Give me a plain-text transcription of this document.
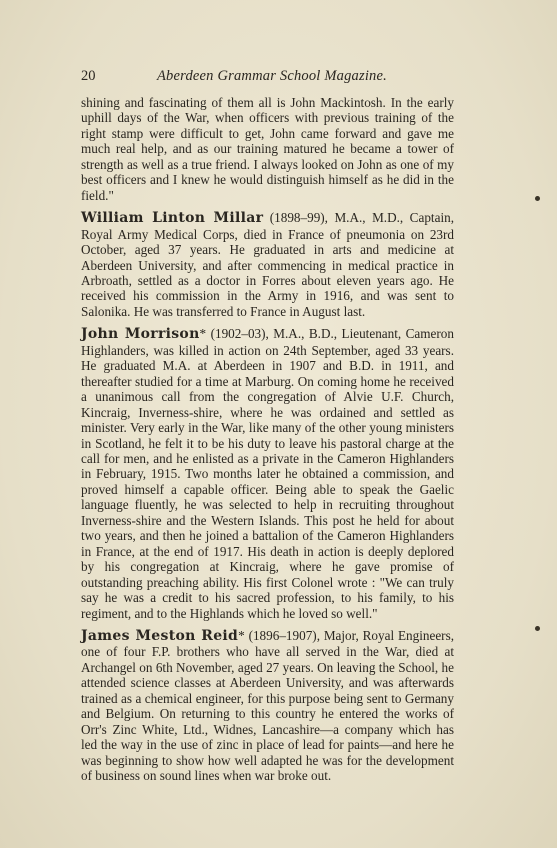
20	Aberdeen Grammar School Magazine.

shining and fascinating of them all is John Mackintosh. In the early uphill days of the War, when officers with previous training of the right stamp were difficult to get, John came forward and gave me much real help, and as our training matured he became a tower of strength as well as a true friend. I always looked on John as one of my best officers and I knew he would distinguish himself as he did in the field."

William Linton Millar (1898–99), M.A., M.D., Captain, Royal Army Medical Corps, died in France of pneumonia on 23rd October, aged 37 years. He graduated in arts and medicine at Aberdeen University, and after commencing in medical practice in Arbroath, settled as a doctor in Forres about eleven years ago. He received his commission in the Army in 1916, and was sent to Salonika. He was transferred to France in August last.

John Morrison* (1902–03), M.A., B.D., Lieutenant, Cameron Highlanders, was killed in action on 24th September, aged 33 years. He graduated M.A. at Aberdeen in 1907 and B.D. in 1911, and thereafter studied for a time at Marburg. On coming home he received a unanimous call from the congregation of Alvie U.F. Church, Kincraig, Inverness-shire, where he was ordained and settled as minister. Very early in the War, like many of the other young ministers in Scotland, he felt it to be his duty to leave his pastoral charge at the call for men, and he enlisted as a private in the Cameron Highlanders in February, 1915. Two months later he obtained a commission, and proved himself a capable officer. Being able to speak the Gaelic language fluently, he was selected to help in recruiting throughout Inverness-shire and the Western Islands. This post he held for about two years, and then he joined a battalion of the Cameron Highlanders in France, at the end of 1917. His death in action is deeply deplored by his congregation at Kincraig, where he gave promise of outstanding preaching ability. His first Colonel wrote : "We can truly say he was a credit to his sacred profession, to his family, to his regiment, and to the Highlands which he loved so well."

James Meston Reid* (1896–1907), Major, Royal Engineers, one of four F.P. brothers who have all served in the War, died at Archangel on 6th November, aged 27 years. On leaving the School, he attended science classes at Aberdeen University, and was afterwards trained as a chemical engineer, for this purpose being sent to Germany and Belgium. On returning to this country he entered the works of Orr's Zinc White, Ltd., Widnes, Lancashire—a company which has led the way in the use of zinc in place of lead for paints—and here he was beginning to show how well adapted he was for the development of business on sound lines when war broke out.
